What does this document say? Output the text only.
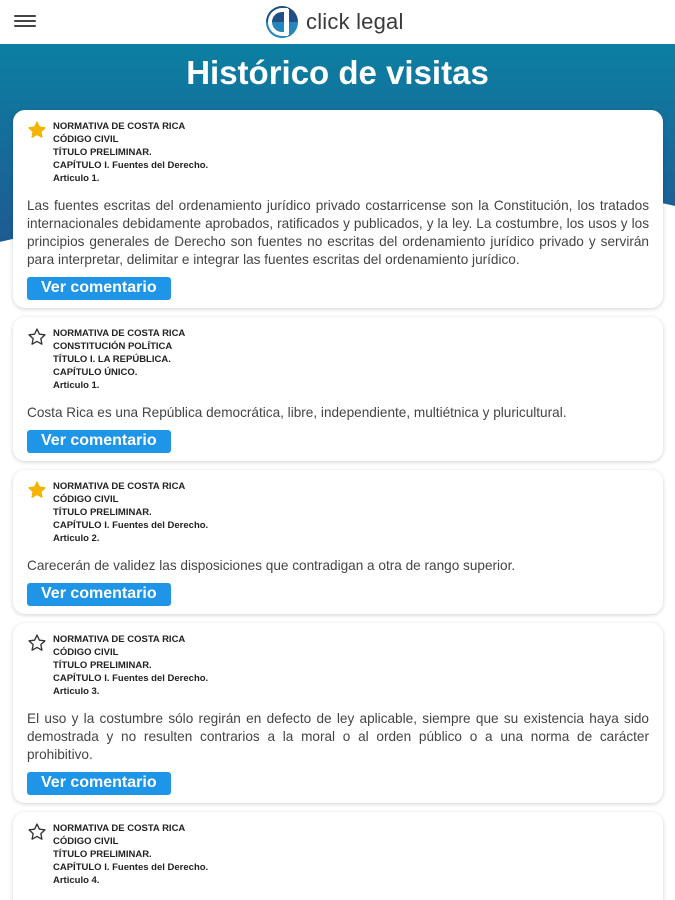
click legal
Histórico de visitas
NORMATIVA DE COSTA RICA
CÓDIGO CIVIL
TÍTULO PRELIMINAR.
CAPÍTULO I. Fuentes del Derecho.
Articulo 1.
Las fuentes escritas del ordenamiento jurídico privado costarricense son la Constitución, los tratados internacionales debidamente aprobados, ratificados y publicados, y la ley. La costumbre, los usos y los principios generales de Derecho son fuentes no escritas del ordenamiento jurídico privado y servirán para interpretar, delimitar e integrar las fuentes escritas del ordenamiento jurídico.
Ver comentario
NORMATIVA DE COSTA RICA
CONSTITUCIÓN POLÍTICA
TÍTULO I. LA REPÚBLICA.
CAPÍTULO ÚNICO.
Articulo 1.
Costa Rica es una República democrática, libre, independiente, multiétnica y pluricultural.
Ver comentario
NORMATIVA DE COSTA RICA
CÓDIGO CIVIL
TÍTULO PRELIMINAR.
CAPÍTULO I. Fuentes del Derecho.
Articulo 2.
Carecerán de validez las disposiciones que contradigan a otra de rango superior.
Ver comentario
NORMATIVA DE COSTA RICA
CÓDIGO CIVIL
TÍTULO PRELIMINAR.
CAPÍTULO I. Fuentes del Derecho.
Articulo 3.
El uso y la costumbre sólo regirán en defecto de ley aplicable, siempre que su existencia haya sido demostrada y no resulten contrarios a la moral o al orden público o a una norma de carácter prohibitivo.
Ver comentario
NORMATIVA DE COSTA RICA
CÓDIGO CIVIL
TÍTULO PRELIMINAR.
CAPÍTULO I. Fuentes del Derecho.
Articulo 4.
